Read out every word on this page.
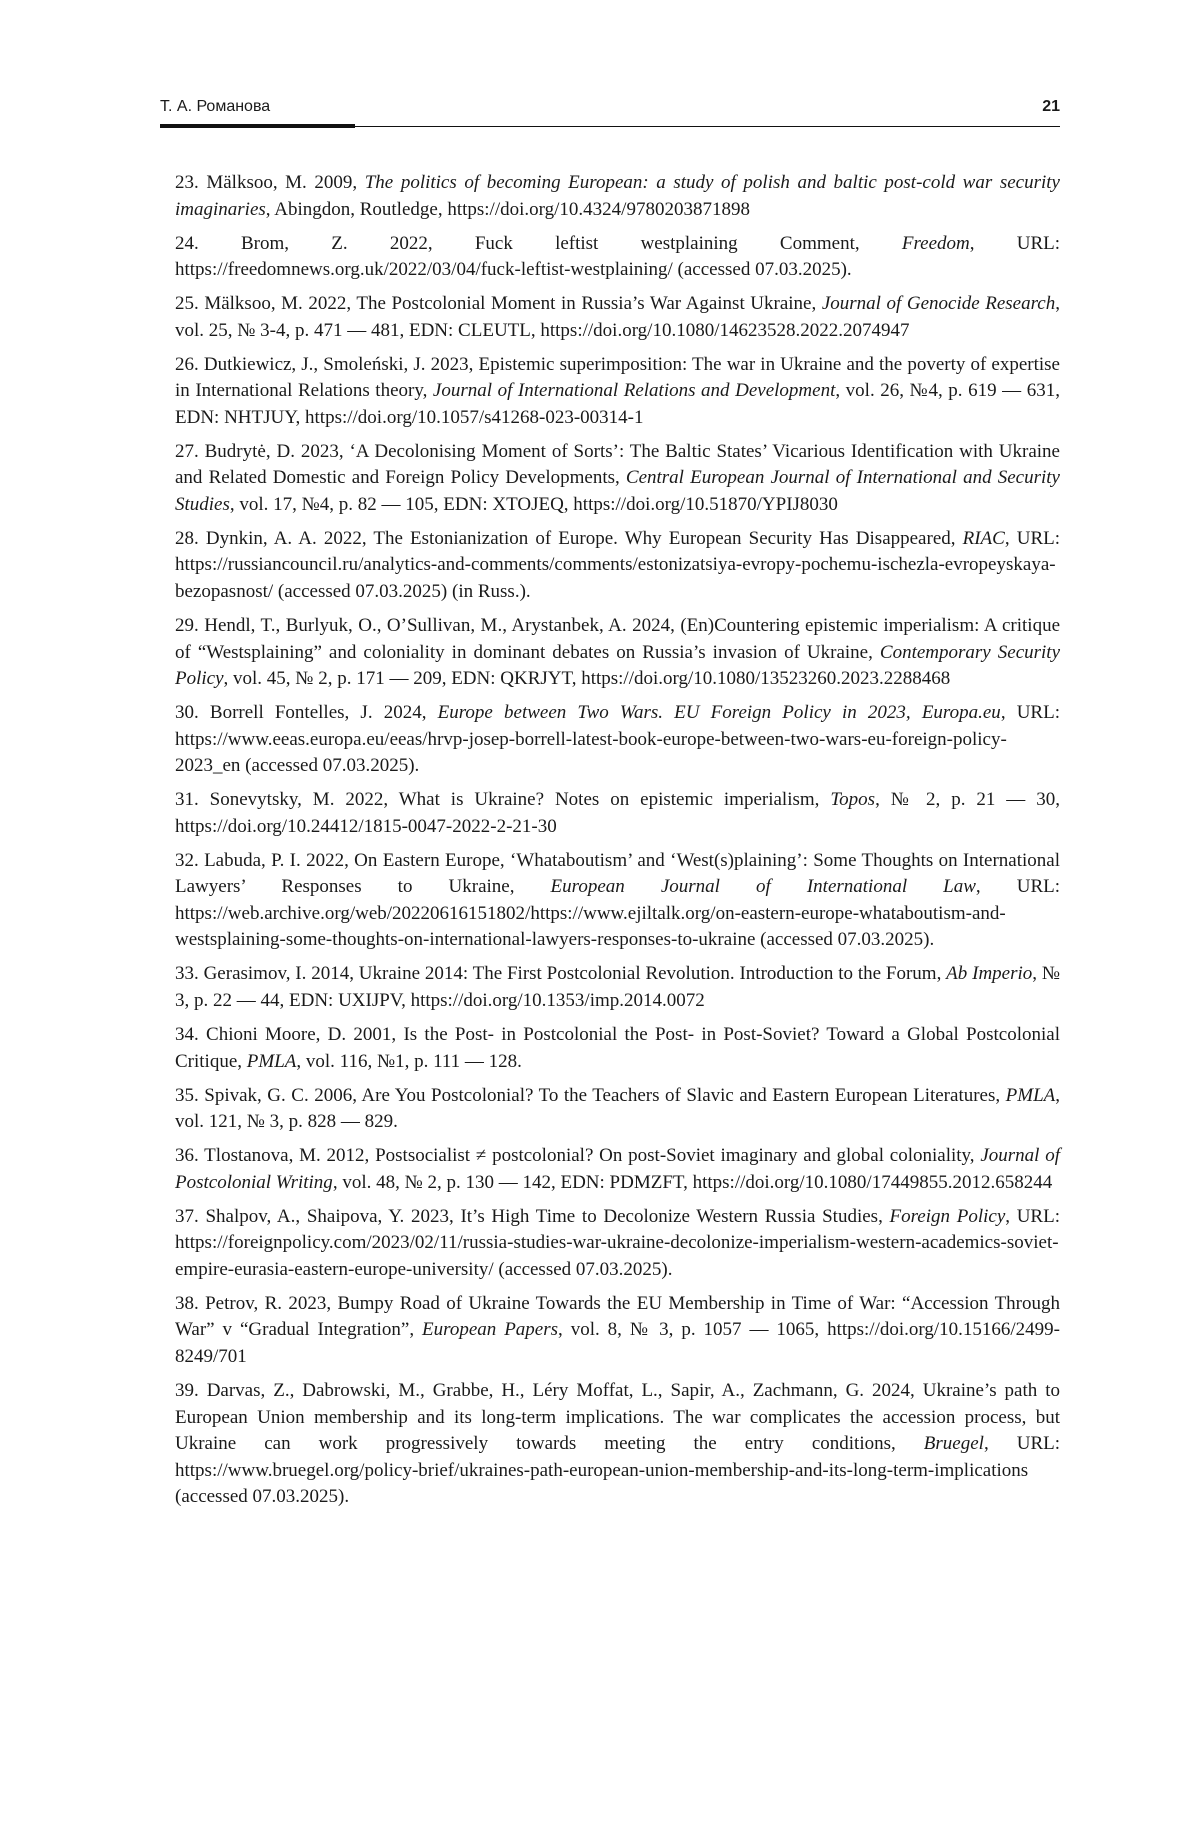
Т. А. Романова	21

23. Mälksoo, M. 2009, The politics of becoming European: a study of polish and baltic post-cold war security imaginaries, Abingdon, Routledge, https://doi.org/10.4324/9780203871898

24. Brom, Z. 2022, Fuck leftist westplaining Comment, Freedom, URL: https://freedomnews.org.uk/2022/03/04/fuck-leftist-westplaining/ (accessed 07.03.2025).

25. Mälksoo, M. 2022, The Postcolonial Moment in Russia’s War Against Ukraine, Journal of Genocide Research, vol. 25, № 3-4, p. 471 — 481, EDN: CLEUTL, https://doi.org/10.1080/14623528.2022.2074947

26. Dutkiewicz, J., Smoleński, J. 2023, Epistemic superimposition: The war in Ukraine and the poverty of expertise in International Relations theory, Journal of International Relations and Development, vol. 26, №4, p. 619 — 631, EDN: NHTJUY, https://doi.org/10.1057/s41268-023-00314-1

27. Budrytė, D. 2023, ‘A Decolonising Moment of Sorts’: The Baltic States’ Vicarious Identification with Ukraine and Related Domestic and Foreign Policy Developments, Central European Journal of International and Security Studies, vol. 17, №4, p. 82 — 105, EDN: XTOJEQ, https://doi.org/10.51870/YPIJ8030

28. Dynkin, A. A. 2022, The Estonianization of Europe. Why European Security Has Disappeared, RIAC, URL: https://russiancouncil.ru/analytics-and-comments/comments/estonizatsiya-evropy-pochemu-ischezla-evropeyskaya-bezopasnost/ (accessed 07.03.2025) (in Russ.).

29. Hendl, T., Burlyuk, O., O’Sullivan, M., Arystanbek, A. 2024, (En)Countering epistemic imperialism: A critique of “Westsplaining” and coloniality in dominant debates on Russia’s invasion of Ukraine, Contemporary Security Policy, vol. 45, № 2, p. 171 — 209, EDN: QKRJYT, https://doi.org/10.1080/13523260.2023.2288468

30. Borrell Fontelles, J. 2024, Europe between Two Wars. EU Foreign Policy in 2023, Europa.eu, URL: https://www.eeas.europa.eu/eeas/hrvp-josep-borrell-latest-book-europe-between-two-wars-eu-foreign-policy-2023_en (accessed 07.03.2025).

31. Sonevytsky, M. 2022, What is Ukraine? Notes on epistemic imperialism, Topos, № 2, p. 21 — 30, https://doi.org/10.24412/1815-0047-2022-2-21-30

32. Labuda, P. I. 2022, On Eastern Europe, ‘Whataboutism’ and ‘West(s)plaining’: Some Thoughts on International Lawyers’ Responses to Ukraine, European Journal of International Law, URL: https://web.archive.org/web/20220616151802/https://www.ejiltalk.org/on-eastern-europe-whataboutism-and-westsplaining-some-thoughts-on-international-lawyers-responses-to-ukraine (accessed 07.03.2025).

33. Gerasimov, I. 2014, Ukraine 2014: The First Postcolonial Revolution. Introduction to the Forum, Ab Imperio, № 3, p. 22 — 44, EDN: UXIJPV, https://doi.org/10.1353/imp.2014.0072

34. Chioni Moore, D. 2001, Is the Post- in Postcolonial the Post- in Post-Soviet? Toward a Global Postcolonial Critique, PMLA, vol. 116, №1, p. 111 — 128.

35. Spivak, G. C. 2006, Are You Postcolonial? To the Teachers of Slavic and Eastern European Literatures, PMLA, vol. 121, № 3, p. 828 — 829.

36. Tlostanova, M. 2012, Postsocialist ≠ postcolonial? On post-Soviet imaginary and global coloniality, Journal of Postcolonial Writing, vol. 48, № 2, p. 130 — 142, EDN: PDMZFT, https://doi.org/10.1080/17449855.2012.658244

37. Shalpov, A., Shaipova, Y. 2023, It’s High Time to Decolonize Western Russia Studies, Foreign Policy, URL: https://foreignpolicy.com/2023/02/11/russia-studies-war-ukraine-decolonize-imperialism-western-academics-soviet-empire-eurasia-eastern-europe-university/ (accessed 07.03.2025).

38. Petrov, R. 2023, Bumpy Road of Ukraine Towards the EU Membership in Time of War: “Accession Through War” v “Gradual Integration”, European Papers, vol. 8, № 3, p. 1057 — 1065, https://doi.org/10.15166/2499-8249/701

39. Darvas, Z., Dabrowski, M., Grabbe, H., Léry Moffat, L., Sapir, A., Zachmann, G. 2024, Ukraine’s path to European Union membership and its long-term implications. The war complicates the accession process, but Ukraine can work progressively towards meeting the entry conditions, Bruegel, URL: https://www.bruegel.org/policy-brief/ukraines-path-european-union-membership-and-its-long-term-implications (accessed 07.03.2025).
